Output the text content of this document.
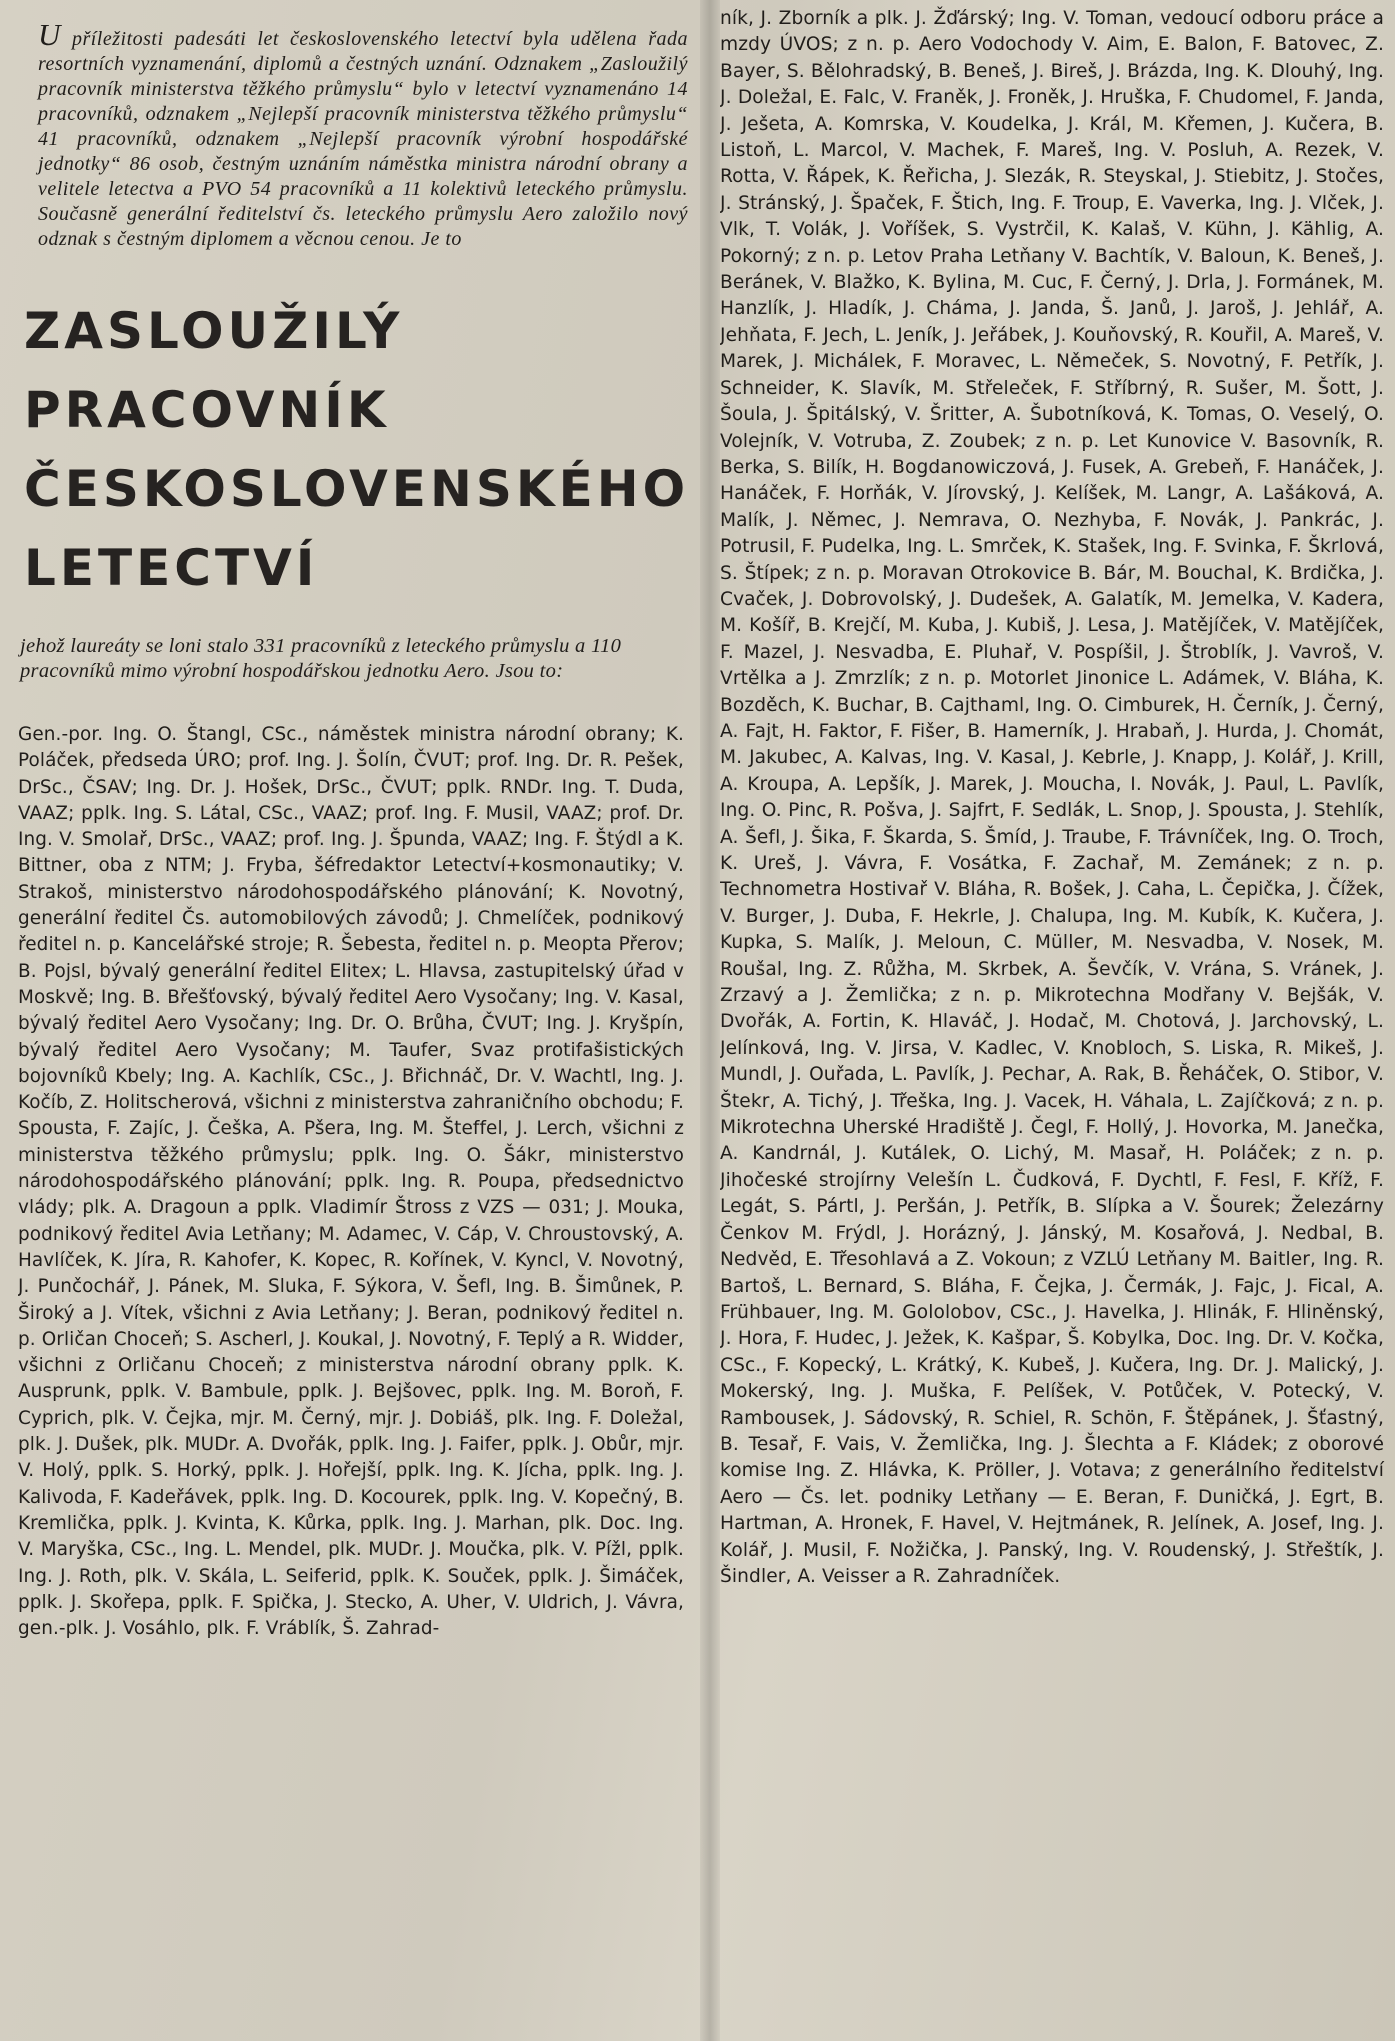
U příležitosti padesáti let československého letectví byla udělena řada resortních vyznamenání, diplomů a čestných uznání. Odznakem „Zasloužilý pracovník ministerstva těžkého průmyslu“ bylo v letectví vyznamenáno 14 pracovníků, odznakem „Nejlepší pracovník ministerstva těžkého průmyslu“ 41 pracovníků, odznakem „Nejlepší pracovník výrobní hospodářské jednotky“ 86 osob, čestným uznáním náměstka ministra národní obrany a velitele letectva a PVO 54 pracovníků a 11 kolektivů leteckého průmyslu. Současně generální ředitelství čs. leteckého průmyslu Aero založilo nový odznak s čestným diplomem a věcnou cenou. Je to

ZASLOUŽILÝ
PRACOVNÍK
ČESKOSLOVENSKÉHO
LETECTVÍ

jehož laureáty se loni stalo 331 pracovníků z leteckého průmyslu a 110 pracovníků mimo výrobní hospodářskou jednotku Aero. Jsou to:

Gen.-por. Ing. O. Štangl, CSc., náměstek ministra národní obrany; K. Poláček, předseda ÚRO; prof. Ing. J. Šolín, ČVUT; prof. Ing. Dr. R. Pešek, DrSc., ČSAV; Ing. Dr. J. Hošek, DrSc., ČVUT; pplk. RNDr. Ing. T. Duda, VAAZ; pplk. Ing. S. Látal, CSc., VAAZ; prof. Ing. F. Musil, VAAZ; prof. Dr. Ing. V. Smolař, DrSc., VAAZ; prof. Ing. J. Špunda, VAAZ; Ing. F. Štýdl a K. Bittner, oba z NTM; J. Fryba, šéfredaktor Letectví+kosmonautiky; V. Strakoš, ministerstvo národohospodářského plánování; K. Novotný, generální ředitel Čs. automobilových závodů; J. Chmelíček, podnikový ředitel n. p. Kancelářské stroje; R. Šebesta, ředitel n. p. Meopta Přerov; B. Pojsl, bývalý generální ředitel Elitex; L. Hlavsa, zastupitelský úřad v Moskvě; Ing. B. Břešťovský, bývalý ředitel Aero Vysočany; Ing. V. Kasal, bývalý ředitel Aero Vysočany; Ing. Dr. O. Brůha, ČVUT; Ing. J. Kryšpín, bývalý ředitel Aero Vysočany; M. Taufer, Svaz protifašistických bojovníků Kbely; Ing. A. Kachlík, CSc., J. Břichnáč, Dr. V. Wachtl, Ing. J. Kočíb, Z. Holitscherová, všichni z ministerstva zahraničního obchodu; F. Spousta, F. Zajíc, J. Češka, A. Pšera, Ing. M. Šteffel, J. Lerch, všichni z ministerstva těžkého průmyslu; pplk. Ing. O. Šákr, ministerstvo národohospodářského plánování; pplk. Ing. R. Poupa, předsednictvo vlády; plk. A. Dragoun a pplk. Vladimír Štross z VZS — 031; J. Mouka, podnikový ředitel Avia Letňany; M. Adamec, V. Cáp, V. Chroustovský, A. Havlíček, K. Jíra, R. Kahofer, K. Kopec, R. Kořínek, V. Kyncl, V. Novotný, J. Punčochář, J. Pánek, M. Sluka, F. Sýkora, V. Šefl, Ing. B. Šimůnek, P. Široký a J. Vítek, všichni z Avia Letňany; J. Beran, podnikový ředitel n. p. Orličan Choceň; S. Ascherl, J. Koukal, J. Novotný, F. Teplý a R. Widder, všichni z Orličanu Choceň; z ministerstva národní obrany pplk. K. Ausprunk, pplk. V. Bambule, pplk. J. Bejšovec, pplk. Ing. M. Boroň, F. Cyprich, plk. V. Čejka, mjr. M. Černý, mjr. J. Dobiáš, plk. Ing. F. Doležal, plk. J. Dušek, plk. MUDr. A. Dvořák, pplk. Ing. J. Faifer, pplk. J. Obůr, mjr. V. Holý, pplk. S. Horký, pplk. J. Hořejší, pplk. Ing. K. Jícha, pplk. Ing. J. Kalivoda, F. Kadeřávek, pplk. Ing. D. Kocourek, pplk. Ing. V. Kopečný, B. Kremlička, pplk. J. Kvinta, K. Kůrka, pplk. Ing. J. Marhan, plk. Doc. Ing. V. Maryška, CSc., Ing. L. Mendel, plk. MUDr. J. Moučka, plk. V. Pížl, pplk. Ing. J. Roth, plk. V. Skála, L. Seiferid, pplk. K. Souček, pplk. J. Šimáček, pplk. J. Skořepa, pplk. F. Spička, J. Stecko, A. Uher, V. Uldrich, J. Vávra, gen.-plk. J. Vosáhlo, plk. F. Vráblík, Š. Zahrad-

ník, J. Zborník a plk. J. Žďárský; Ing. V. Toman, vedoucí odboru práce a mzdy ÚVOS; z n. p. Aero Vodochody V. Aim, E. Balon, F. Batovec, Z. Bayer, S. Bělohradský, B. Beneš, J. Bireš, J. Brázda, Ing. K. Dlouhý, Ing. J. Doležal, E. Falc, V. Franěk, J. Froněk, J. Hruška, F. Chudomel, F. Janda, J. Ješeta, A. Komrska, V. Koudelka, J. Král, M. Křemen, J. Kučera, B. Listoň, L. Marcol, V. Machek, F. Mareš, Ing. V. Posluh, A. Rezek, V. Rotta, V. Řápek, K. Řeřicha, J. Slezák, R. Steyskal, J. Stiebitz, J. Stočes, J. Stránský, J. Špaček, F. Štich, Ing. F. Troup, E. Vaverka, Ing. J. Vlček, J. Vlk, T. Volák, J. Voříšek, S. Vystrčil, K. Kalaš, V. Kühn, J. Kählig, A. Pokorný; z n. p. Letov Praha Letňany V. Bachtík, V. Baloun, K. Beneš, J. Beránek, V. Blažko, K. Bylina, M. Cuc, F. Černý, J. Drla, J. Formánek, M. Hanzlík, J. Hladík, J. Cháma, J. Janda, Š. Janů, J. Jaroš, J. Jehlář, A. Jehňata, F. Jech, L. Jeník, J. Jeřábek, J. Kouňovský, R. Kouřil, A. Mareš, V. Marek, J. Michálek, F. Moravec, L. Němeček, S. Novotný, F. Petřík, J. Schneider, K. Slavík, M. Střeleček, F. Stříbrný, R. Sušer, M. Šott, J. Šoula, J. Špitálský, V. Šritter, A. Šubotníková, K. Tomas, O. Veselý, O. Volejník, V. Votruba, Z. Zoubek; z n. p. Let Kunovice V. Basovník, R. Berka, S. Bilík, H. Bogdanowiczová, J. Fusek, A. Grebeň, F. Hanáček, J. Hanáček, F. Horňák, V. Jírovský, J. Kelíšek, M. Langr, A. Lašáková, A. Malík, J. Němec, J. Nemrava, O. Nezhyba, F. Novák, J. Pankrác, J. Potrusil, F. Pudelka, Ing. L. Smrček, K. Stašek, Ing. F. Svinka, F. Škrlová, S. Štípek; z n. p. Moravan Otrokovice B. Bár, M. Bouchal, K. Brdička, J. Cvaček, J. Dobrovolský, J. Dudešek, A. Galatík, M. Jemelka, V. Kadera, M. Košíř, B. Krejčí, M. Kuba, J. Kubiš, J. Lesa, J. Matějíček, V. Matějíček, F. Mazel, J. Nesvadba, E. Pluhař, V. Pospíšil, J. Štroblík, J. Vavroš, V. Vrtělka a J. Zmrzlík; z n. p. Motorlet Jinonice L. Adámek, V. Bláha, K. Bozděch, K. Buchar, B. Cajthaml, Ing. O. Cimburek, H. Černík, J. Černý, A. Fajt, H. Faktor, F. Fišer, B. Hamerník, J. Hrabaň, J. Hurda, J. Chomát, M. Jakubec, A. Kalvas, Ing. V. Kasal, J. Kebrle, J. Knapp, J. Kolář, J. Krill, A. Kroupa, A. Lepšík, J. Marek, J. Moucha, I. Novák, J. Paul, L. Pavlík, Ing. O. Pinc, R. Pošva, J. Sajfrt, F. Sedlák, L. Snop, J. Spousta, J. Stehlík, A. Šefl, J. Šika, F. Škarda, S. Šmíd, J. Traube, F. Trávníček, Ing. O. Troch, K. Ureš, J. Vávra, F. Vosátka, F. Zachař, M. Zemánek; z n. p. Technometra Hostivař V. Bláha, R. Bošek, J. Caha, L. Čepička, J. Čížek, V. Burger, J. Duba, F. Hekrle, J. Chalupa, Ing. M. Kubík, K. Kučera, J. Kupka, S. Malík, J. Meloun, C. Müller, M. Nesvadba, V. Nosek, M. Roušal, Ing. Z. Růžha, M. Skrbek, A. Ševčík, V. Vrána, S. Vránek, J. Zrzavý a J. Žemlička; z n. p. Mikrotechna Modřany V. Bejšák, V. Dvořák, A. Fortin, K. Hlaváč, J. Hodač, M. Chotová, J. Jarchovský, L. Jelínková, Ing. V. Jirsa, V. Kadlec, V. Knobloch, S. Liska, R. Mikeš, J. Mundl, J. Ouřada, L. Pavlík, J. Pechar, A. Rak, B. Řeháček, O. Stibor, V. Štekr, A. Tichý, J. Třeška, Ing. J. Vacek, H. Váhala, L. Zajíčková; z n. p. Mikrotechna Uherské Hradiště J. Čegl, F. Hollý, J. Hovorka, M. Janečka, A. Kandrnál, J. Kutálek, O. Lichý, M. Masař, H. Poláček; z n. p. Jihočeské strojírny Velešín L. Čudková, F. Dychtl, F. Fesl, F. Kříž, F. Legát, S. Pártl, J. Peršán, J. Petřík, B. Slípka a V. Šourek; Železárny Čenkov M. Frýdl, J. Horázný, J. Jánský, M. Kosařová, J. Nedbal, B. Nedvěd, E. Třesohlavá a Z. Vokoun; z VZLÚ Letňany M. Baitler, Ing. R. Bartoš, L. Bernard, S. Bláha, F. Čejka, J. Čermák, J. Fajc, J. Fical, A. Frühbauer, Ing. M. Gololobov, CSc., J. Havelka, J. Hlinák, F. Hliněnský, J. Hora, F. Hudec, J. Ježek, K. Kašpar, Š. Kobylka, Doc. Ing. Dr. V. Kočka, CSc., F. Kopecký, L. Krátký, K. Kubeš, J. Kučera, Ing. Dr. J. Malický, J. Mokerský, Ing. J. Muška, F. Pelíšek, V. Potůček, V. Potecký, V. Rambousek, J. Sádovský, R. Schiel, R. Schön, F. Štěpánek, J. Šťastný, B. Tesař, F. Vais, V. Žemlička, Ing. J. Šlechta a F. Kládek; z oborové komise Ing. Z. Hlávka, K. Pröller, J. Votava; z generálního ředitelství Aero — Čs. let. podniky Letňany — E. Beran, F. Duničká, J. Egrt, B. Hartman, A. Hronek, F. Havel, V. Hejtmánek, R. Jelínek, A. Josef, Ing. J. Kolář, J. Musil, F. Nožička, J. Panský, Ing. V. Roudenský, J. Střeštík, J. Šindler, A. Veisser a R. Zahradníček.
